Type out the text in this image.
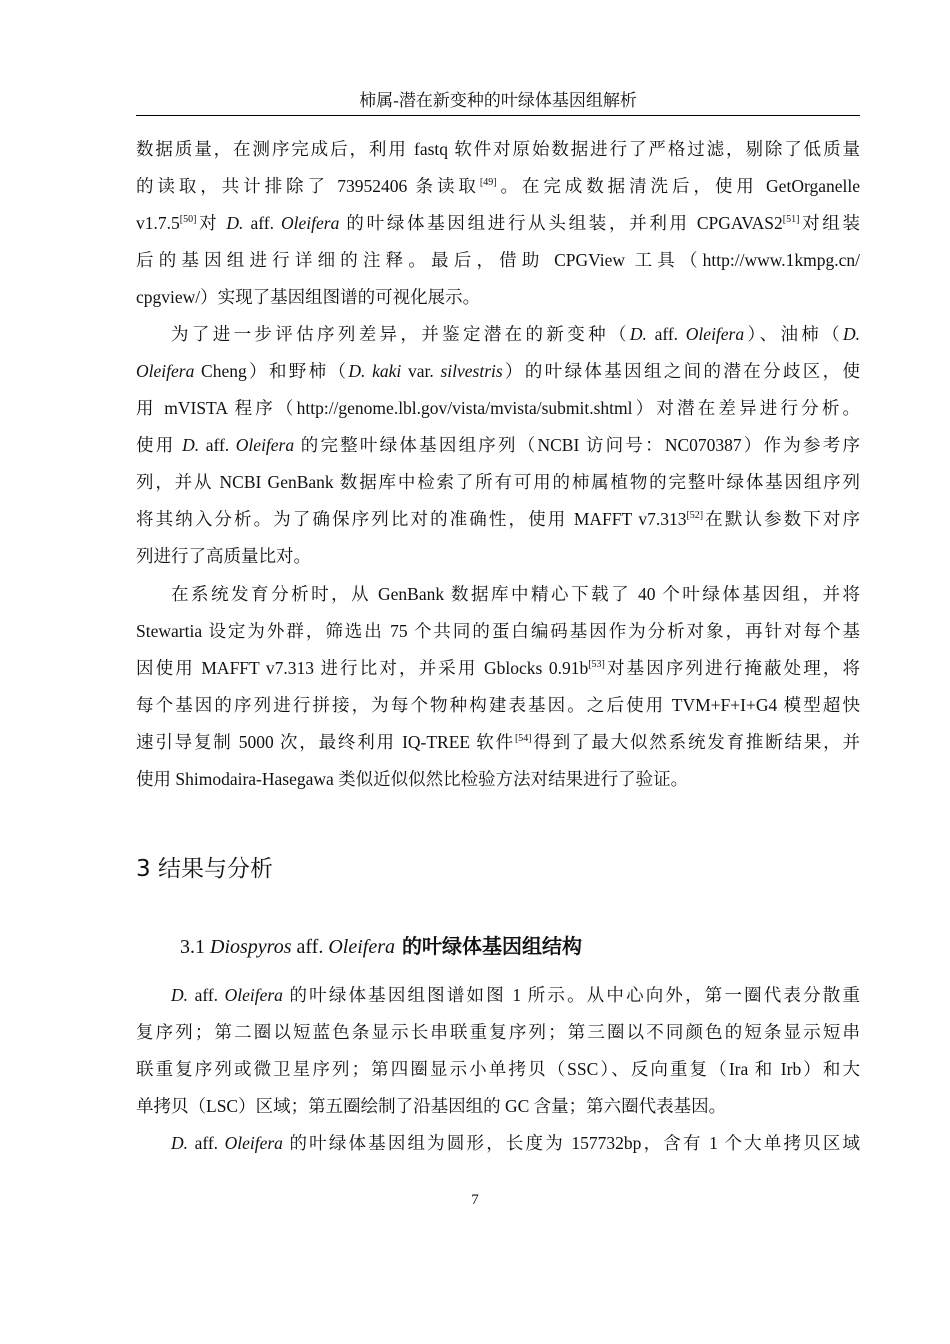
柿属-潜在新变种的叶绿体基因组解析
数据质量，在测序完成后，利用 fastq 软件对原始数据进行了严格过滤，剔除了低质量
的读取，共计排除了 73952406 条读取[49]。在完成数据清洗后，使用 GetOrganelle
v1.7.5[50]对 D. aff. Oleifera 的叶绿体基因组进行从头组装，并利用 CPGAVAS2[51]对组装
后的基因组进行详细的注释。最后，借助 CPGView 工具（http://www.1kmpg.cn/
cpgview/）实现了基因组图谱的可视化展示。
为了进一步评估序列差异，并鉴定潜在的新变种（D. aff. Oleifera）、油柿（D.
Oleifera Cheng）和野柿（D. kaki var. silvestris）的叶绿体基因组之间的潜在分歧区，使
用 mVISTA 程序（http://genome.lbl.gov/vista/mvista/submit.shtml）对潜在差异进行分析。
使用 D. aff. Oleifera 的完整叶绿体基因组序列（NCBI 访问号：NC070387）作为参考序
列，并从 NCBI GenBank 数据库中检索了所有可用的柿属植物的完整叶绿体基因组序列
将其纳入分析。为了确保序列比对的准确性，使用 MAFFT v7.313[52]在默认参数下对序
列进行了高质量比对。
在系统发育分析时，从 GenBank 数据库中精心下载了 40 个叶绿体基因组，并将
Stewartia 设定为外群，筛选出 75 个共同的蛋白编码基因作为分析对象，再针对每个基
因使用 MAFFT v7.313 进行比对，并采用 Gblocks 0.91b[53]对基因序列进行掩蔽处理，将
每个基因的序列进行拼接，为每个物种构建表基因。之后使用 TVM+F+I+G4 模型超快
速引导复制 5000 次，最终利用 IQ-TREE 软件[54]得到了最大似然系统发育推断结果，并
使用 Shimodaira-Hasegawa 类似近似似然比检验方法对结果进行了验证。
3 结果与分析
3.1 Diospyros aff. Oleifera 的叶绿体基因组结构
D. aff. Oleifera 的叶绿体基因组图谱如图 1 所示。从中心向外，第一圈代表分散重
复序列；第二圈以短蓝色条显示长串联重复序列；第三圈以不同颜色的短条显示短串
联重复序列或微卫星序列；第四圈显示小单拷贝（SSC）、反向重复（Ira 和 Irb）和大
单拷贝（LSC）区域；第五圈绘制了沿基因组的 GC 含量；第六圈代表基因。
D. aff. Oleifera 的叶绿体基因组为圆形，长度为 157732bp，含有 1 个大单拷贝区域
7
